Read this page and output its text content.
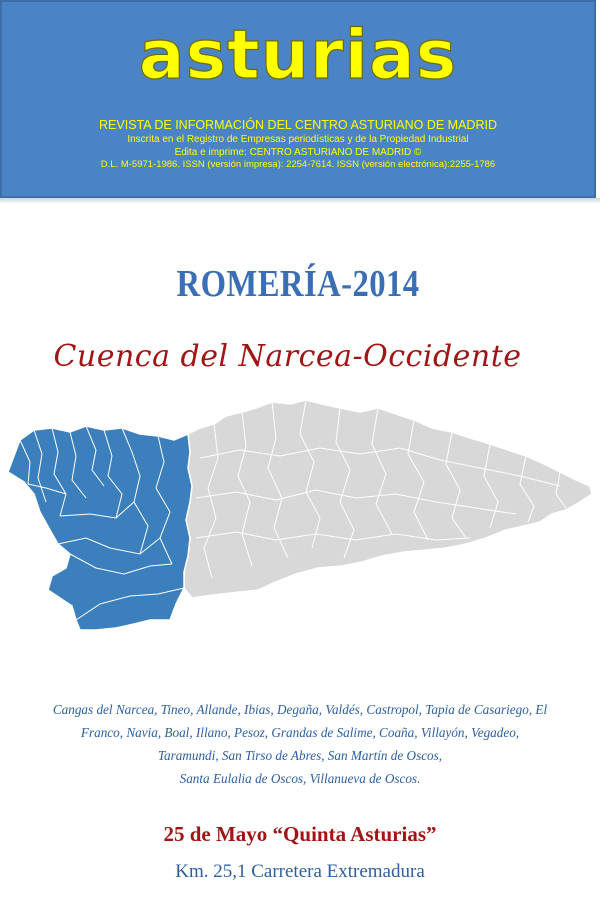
asturias
REVISTA DE INFORMACIÓN DEL CENTRO ASTURIANO DE MADRID
Inscrita en el Registro de Empresas periodísticas y de la Propiedad Industrial
Edita e imprime: CENTRO ASTURIANO DE MADRID ©
D.L. M-5971-1986. ISSN (versión impresa): 2254-7614. ISSN (versión electrónica):2255-1786
ROMERÍA-2014
Cuenca del Narcea-Occidente
Cangas del Narcea, Tineo, Allande, Ibias, Degaña, Valdés, Castropol, Tapia de Casariego, El
Franco, Navia, Boal, Illano, Pesoz, Grandas de Salime, Coaña, Villayón, Vegadeo,
Taramundi, San Tirso de Abres, San Martín de Oscos,
Santa Eulalia de Oscos, Villanueva de Oscos.
25 de Mayo “Quinta Asturias”
Km. 25,1 Carretera Extremadura
